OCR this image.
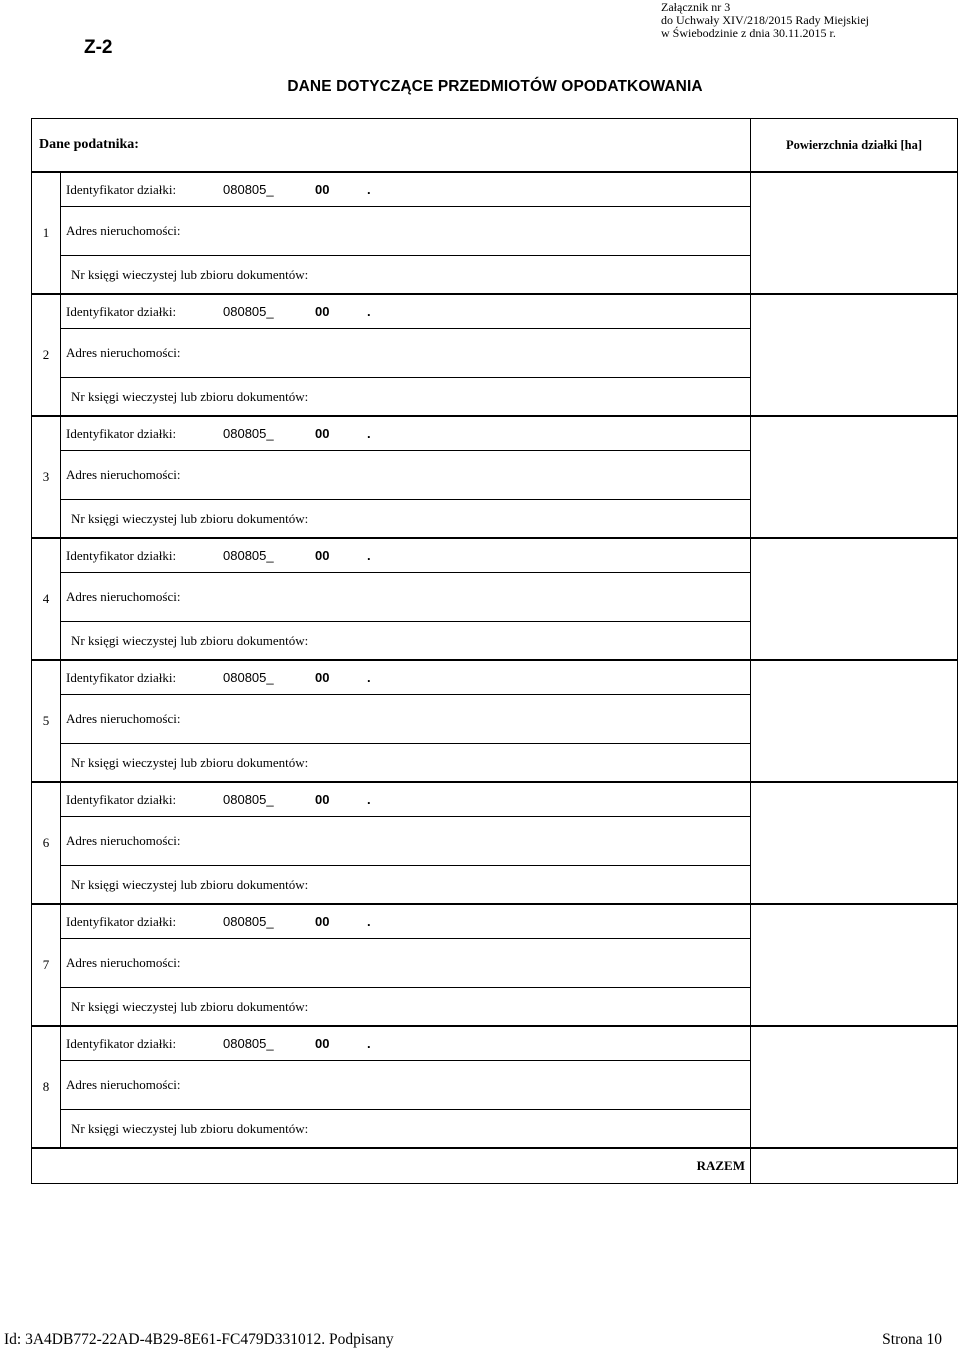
Załącznik nr 3
do Uchwały XIV/218/2015 Rady Miejskiej
w Świebodzinie z dnia 30.11.2015 r.
Z-2
DANE DOTYCZĄCE PRZEDMIOTÓW OPODATKOWANIA
Dane podatnika:		Powierzchnia działki [ha]
1	Identyfikator działki: 080805_ 00 .	
	Adres nieruchomości:	
	Nr księgi wieczystej lub zbioru dokumentów:	
2	Identyfikator działki: 080805_ 00 .	
	Adres nieruchomości:	
	Nr księgi wieczystej lub zbioru dokumentów:	
3	Identyfikator działki: 080805_ 00 .	
	Adres nieruchomości:	
	Nr księgi wieczystej lub zbioru dokumentów:	
4	Identyfikator działki: 080805_ 00 .	
	Adres nieruchomości:	
	Nr księgi wieczystej lub zbioru dokumentów:	
5	Identyfikator działki: 080805_ 00 .	
	Adres nieruchomości:	
	Nr księgi wieczystej lub zbioru dokumentów:	
6	Identyfikator działki: 080805_ 00 .	
	Adres nieruchomości:	
	Nr księgi wieczystej lub zbioru dokumentów:	
7	Identyfikator działki: 080805_ 00 .	
	Adres nieruchomości:	
	Nr księgi wieczystej lub zbioru dokumentów:	
8	Identyfikator działki: 080805_ 00 .	
	Adres nieruchomości:	
	Nr księgi wieczystej lub zbioru dokumentów:	
RAZEM		
Id: 3A4DB772-22AD-4B29-8E61-FC479D331012. Podpisany	Strona 10
